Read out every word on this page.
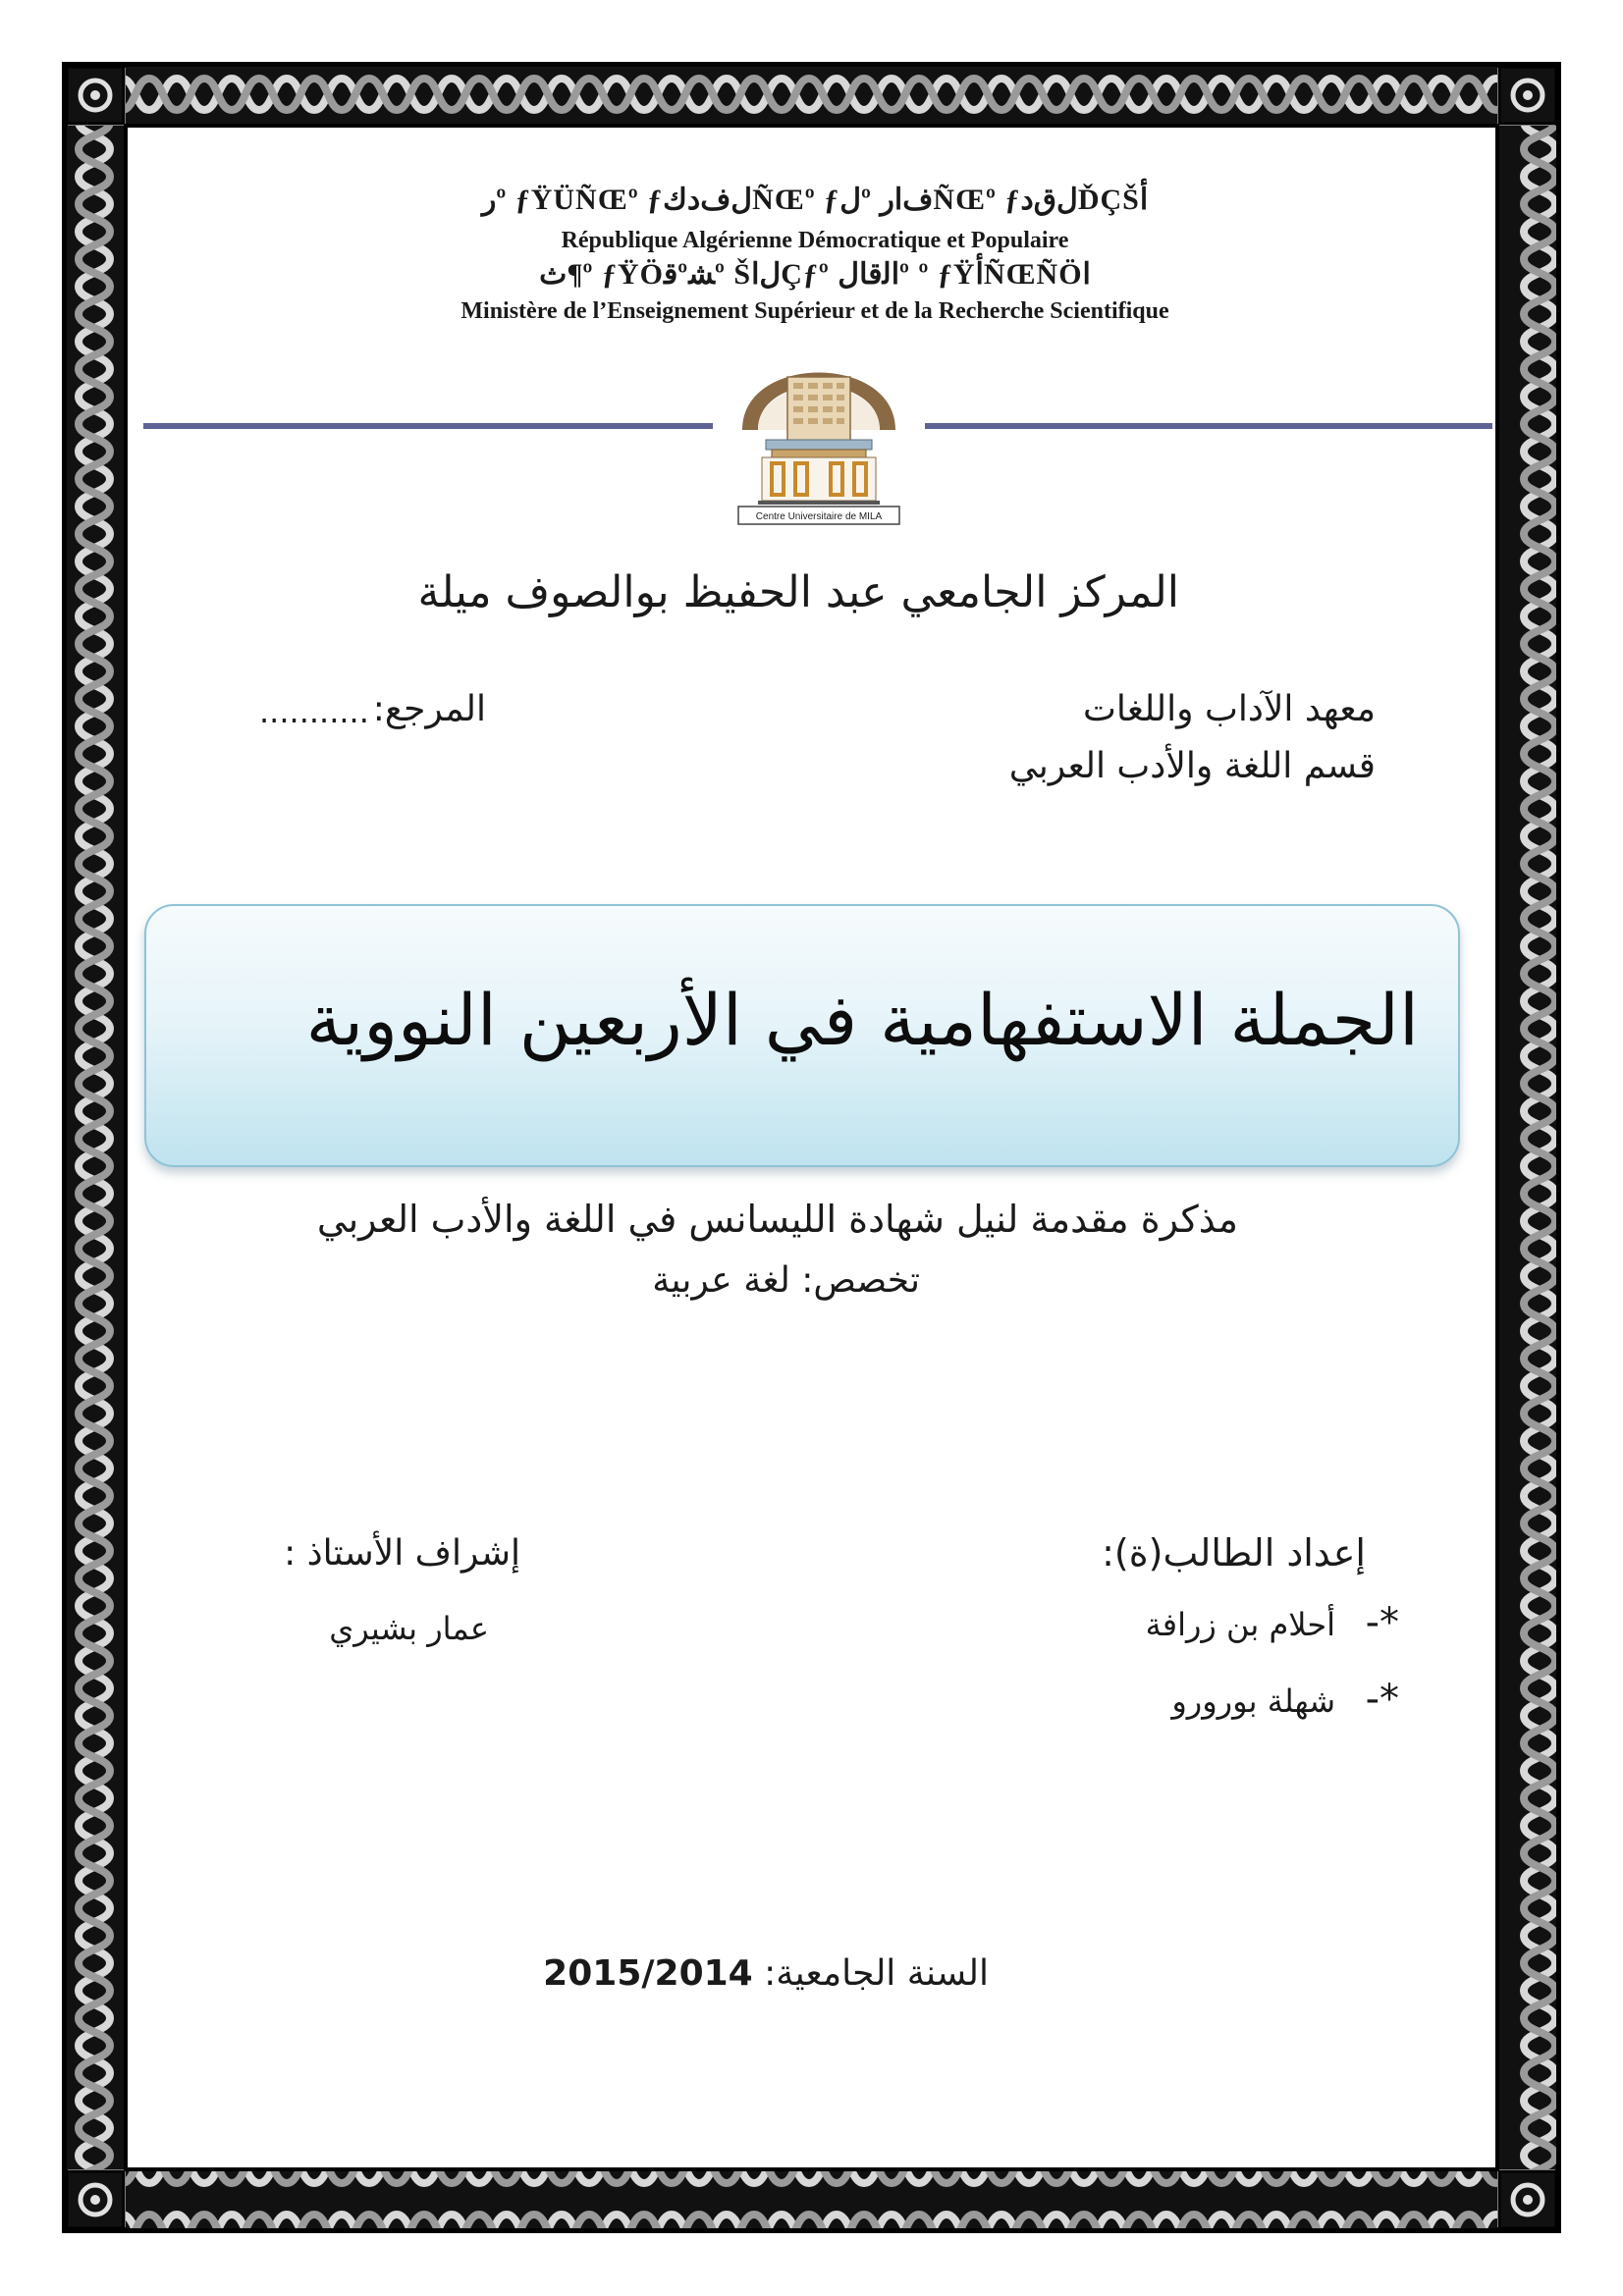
ﺭº ƒŸÜÑŒº ƒﻝﻑﺩﻙÑŒº ƒﻝº ﻑﺍﺭÑŒº ƒﻝﻕﺩĎÇŠﺃ
République Algérienne Démocratique et Populaire
ﺙ¶º ƒŸÖﻗºﺸº ŠﻝﺍÇƒº ﺍﻟﻗﺎﻝº º ƒŸﺃÑŒÑÖﺍ
Ministère de l’Enseignement Supérieur et de la Recherche Scientifique
Centre Universitaire de MILA
المركز الجامعي عبد الحفيظ بوالصوف ميلة
معهد الآداب واللغات
قسم اللغة والأدب العربي
المرجع:
...........
الجملة الاستفهامية في الأربعين النووية
مذكرة مقدمة لنيل شهادة الليسانس في اللغة والأدب العربي
تخصص: لغة عربية
إعداد الطالب(ة):
*-   أحلام بن زرافة
*-   شهلة بورورو
إشراف الأستاذ :
عمار بشيري
السنة الجامعية: 2015/2014
